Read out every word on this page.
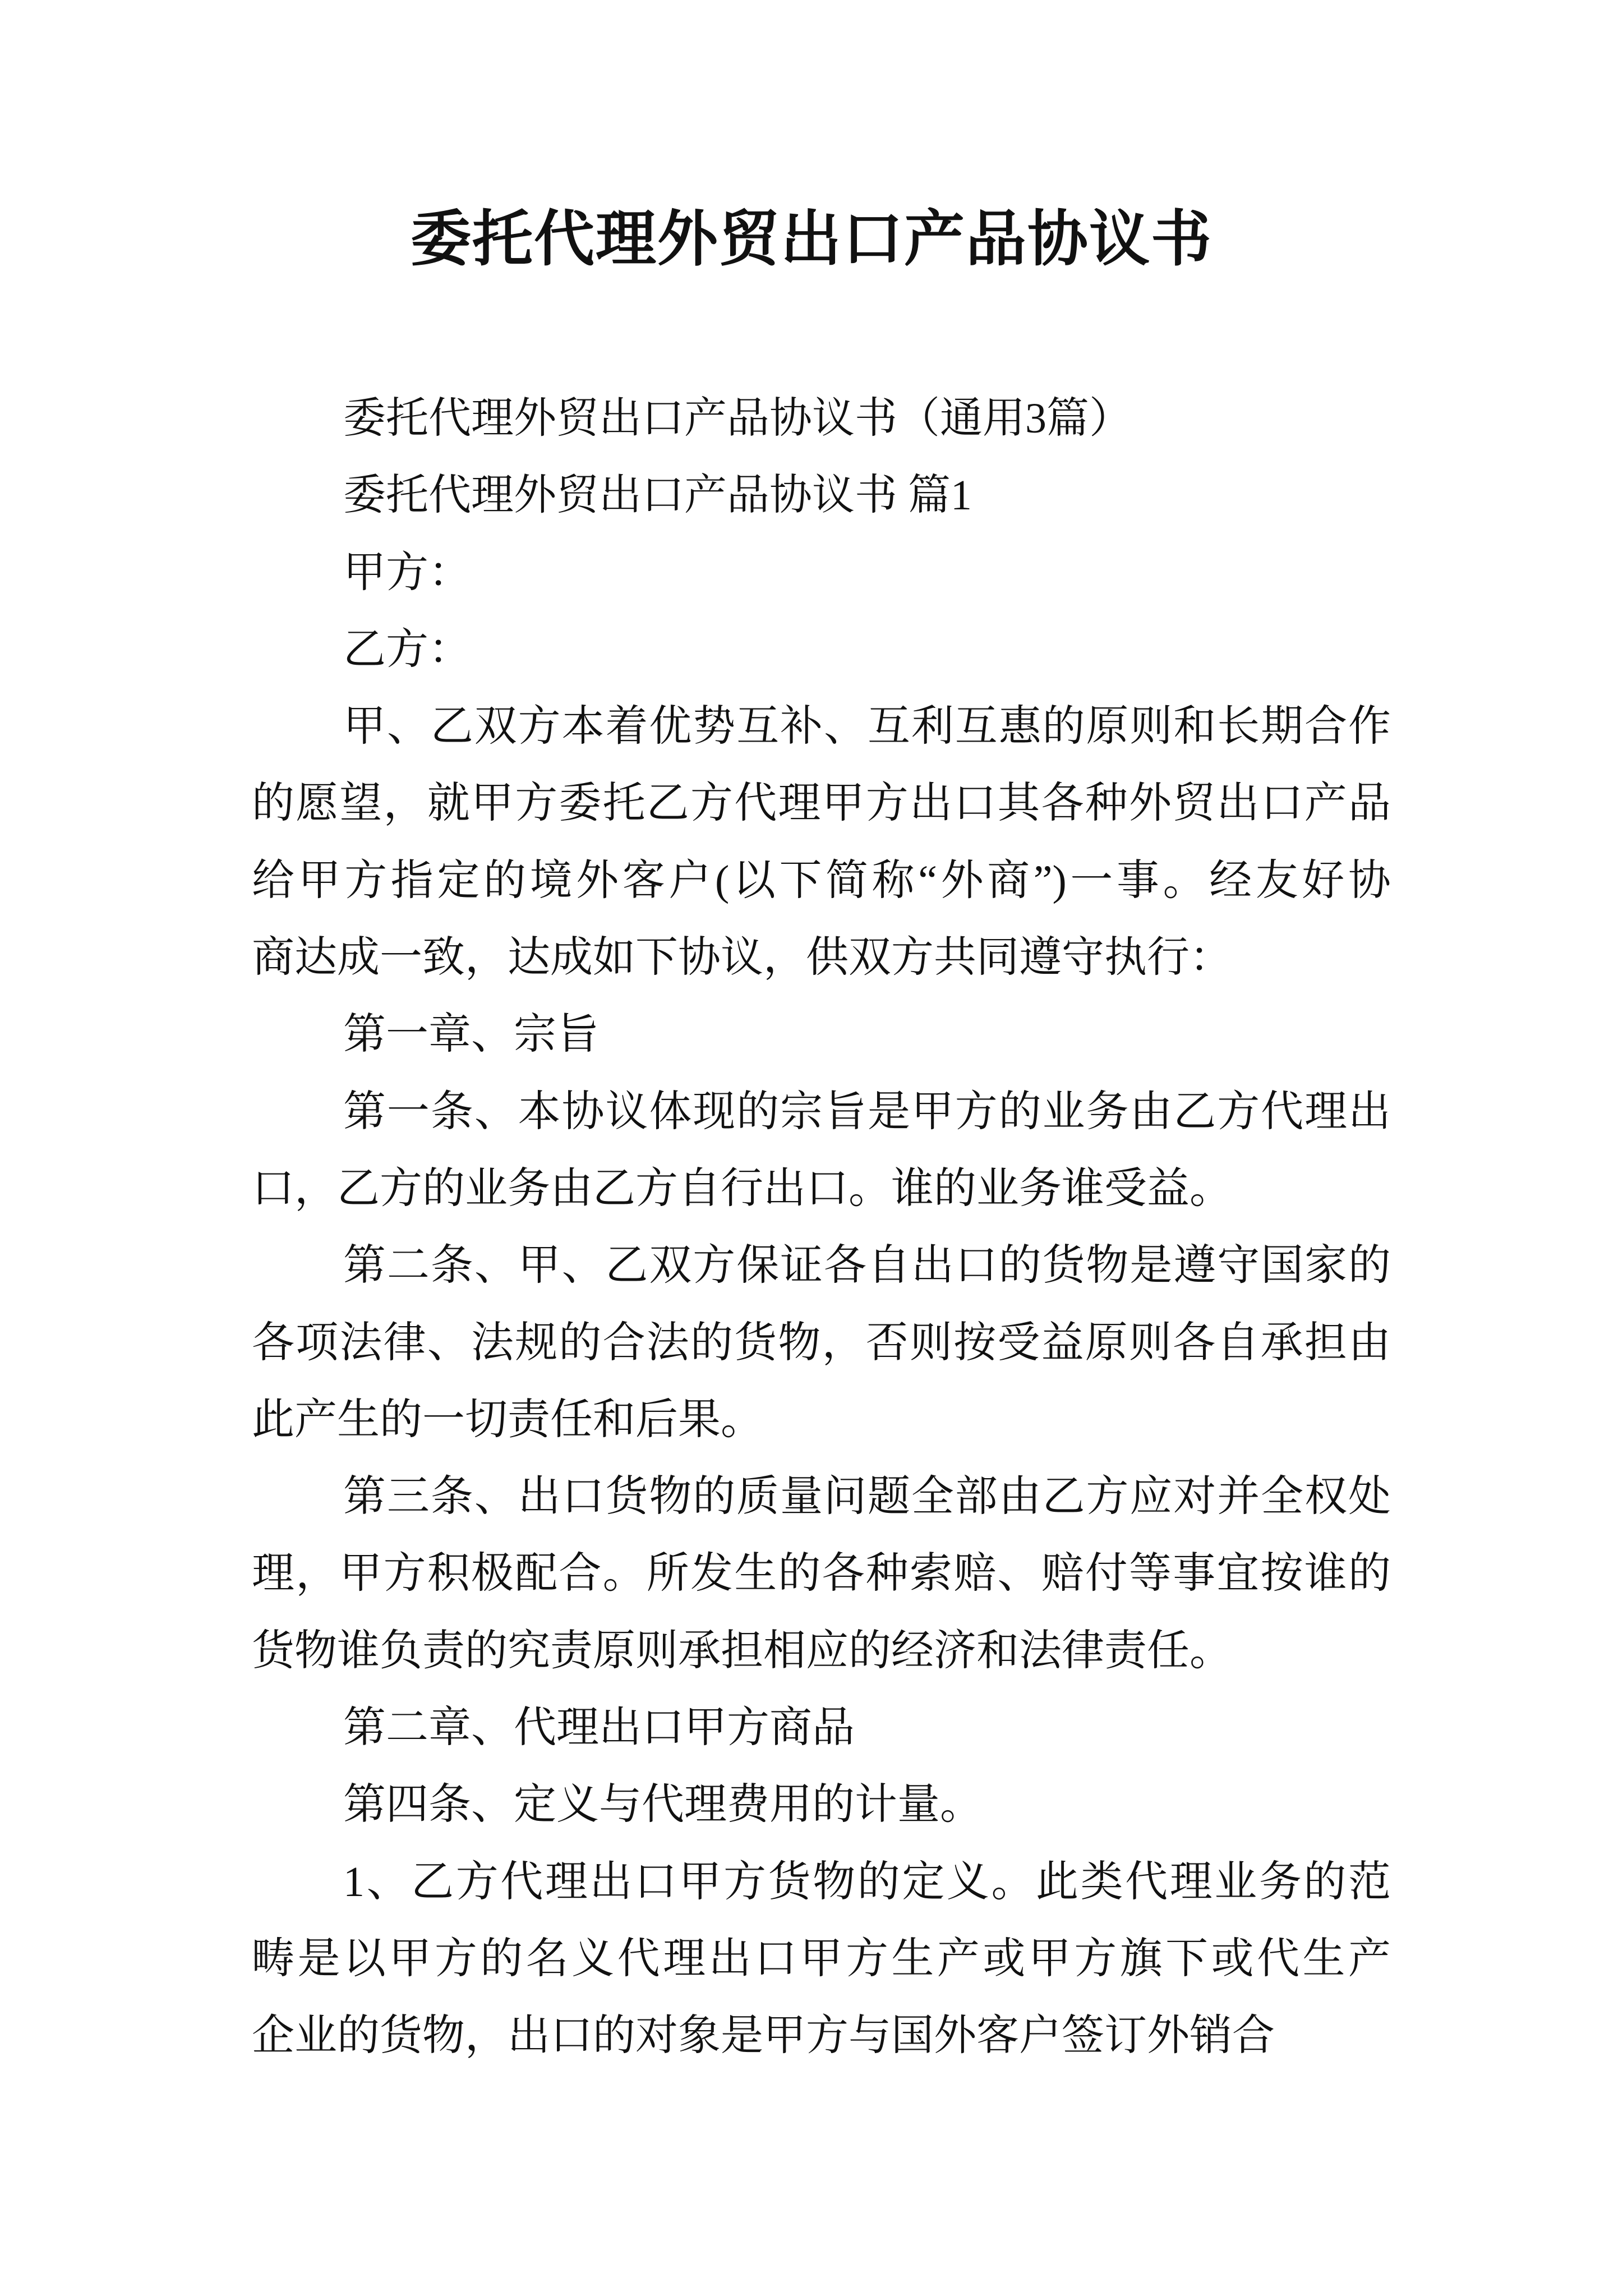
委托代理外贸出口产品协议书
委托代理外贸出口产品协议书（通用3篇）
委托代理外贸出口产品协议书 篇1
甲方：
乙方：
甲、乙双方本着优势互补、互利互惠的原则和长期合作
的愿望，就甲方委托乙方代理甲方出口其各种外贸出口产品
给甲方指定的境外客户(以下简称“外商”)一事。经友好协
商达成一致，达成如下协议，供双方共同遵守执行：
第一章、宗旨
第一条、本协议体现的宗旨是甲方的业务由乙方代理出
口，乙方的业务由乙方自行出口。谁的业务谁受益。
第二条、甲、乙双方保证各自出口的货物是遵守国家的
各项法律、法规的合法的货物，否则按受益原则各自承担由
此产生的一切责任和后果。
第三条、出口货物的质量问题全部由乙方应对并全权处
理，甲方积极配合。所发生的各种索赔、赔付等事宜按谁的
货物谁负责的究责原则承担相应的经济和法律责任。
第二章、代理出口甲方商品
第四条、定义与代理费用的计量。
1、乙方代理出口甲方货物的定义。此类代理业务的范
畴是以甲方的名义代理出口甲方生产或甲方旗下或代生产
企业的货物，出口的对象是甲方与国外客户签订外销合
